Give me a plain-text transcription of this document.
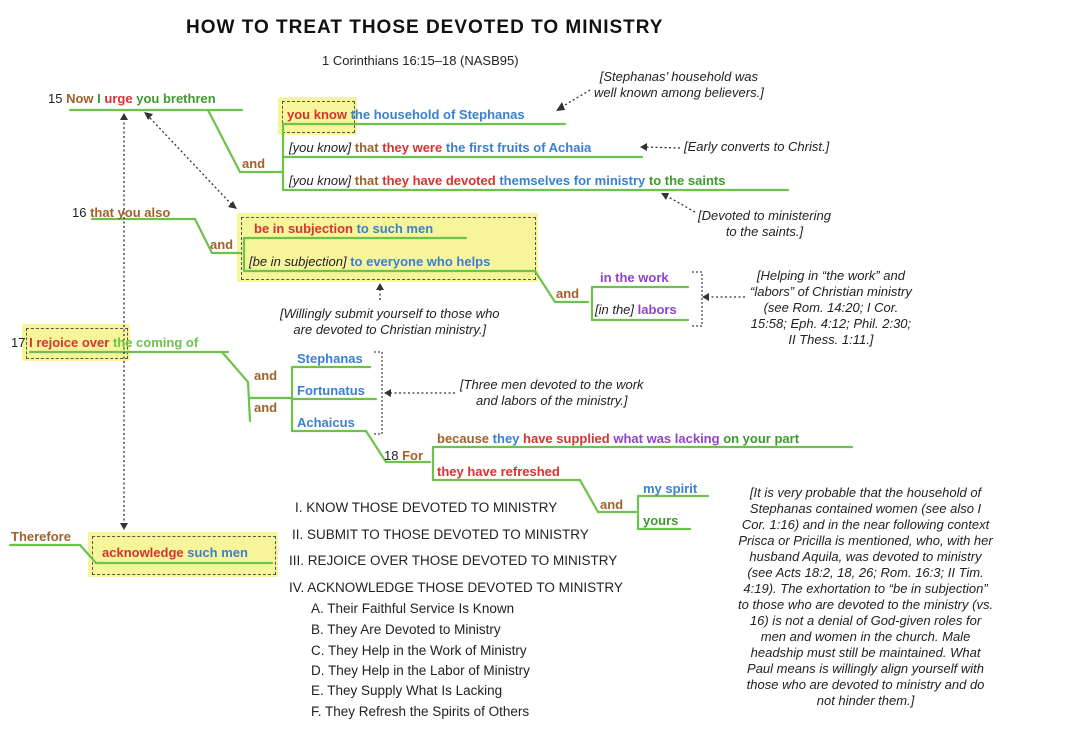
HOW TO TREAT THOSE DEVOTED TO MINISTRY
1 Corinthians 16:15–18 (NASB95)
15 Now I urge you brethren
and
you know the household of Stephanas
[you know] that they were the first fruits of Achaia
[you know] that they have devoted themselves for ministry to the saints
16 that you also
and
be in subjection to such men
[be in subjection] to everyone who helps
and
in the work
[in the] labors
17 I rejoice over the coming of
and
and
Stephanas
Fortunatus
Achaicus
18 For
because they have supplied what was lacking on your part
they have refreshed
and
my spirit
yours
Therefore
acknowledge such men
[Stephanas’ household was
well known among believers.]
[Early converts to Christ.]
[Devoted to ministering
to the saints.]
[Willingly submit yourself to those who
are devoted to Christian ministry.]
[Helping in “the work” and
“labors” of Christian ministry
(see Rom. 14:20; I Cor.
15:58; Eph. 4:12; Phil. 2:30;
II Thess. 1:11.]
[Three men devoted to the work
and labors of the ministry.]
[It is very probable that the household of
Stephanas contained women (see also I
Cor. 1:16) and in the near following context
Prisca or Pricilla is mentioned, who, with her
husband Aquila, was devoted to ministry
(see Acts 18:2, 18, 26; Rom. 16:3; II Tim.
4:19). The exhortation to “be in subjection”
to those who are devoted to the ministry (vs.
16) is not a denial of God-given roles for
men and women in the church. Male
headship must still be maintained. What
Paul means is willingly align yourself with
those who are devoted to ministry and do
not hinder them.]
I. KNOW THOSE DEVOTED TO MINISTRY
II. SUBMIT TO THOSE DEVOTED TO MINISTRY
III. REJOICE OVER THOSE DEVOTED TO MINISTRY
IV. ACKNOWLEDGE THOSE DEVOTED TO MINISTRY
A. Their Faithful Service Is Known
B. They Are Devoted to Ministry
C. They Help in the Work of Ministry
D. They Help in the Labor of Ministry
E. They Supply What Is Lacking
F. They Refresh the Spirits of Others
